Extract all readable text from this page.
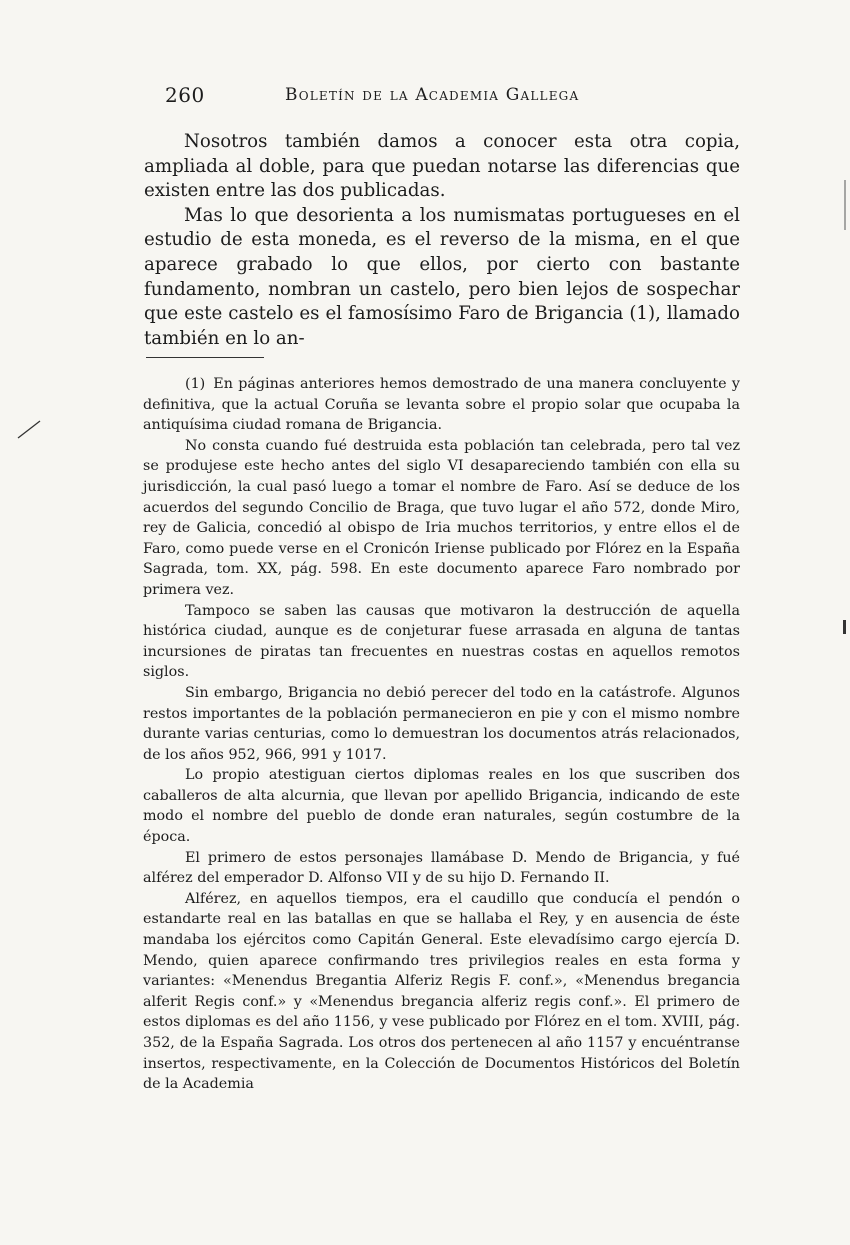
260	Boletín de la Academia Gallega

Nosotros también damos a conocer esta otra copia, ampliada al doble, para que puedan notarse las diferencias que existen entre las dos publicadas.

Mas lo que desorienta a los numismatas portugueses en el estudio de esta moneda, es el reverso de la misma, en el que aparece grabado lo que ellos, por cierto con bastante fundamento, nombran un castelo, pero bien lejos de sospechar que este castelo es el famosísimo Faro de Brigancia (1), llamado también en lo an-

(1) En páginas anteriores hemos demostrado de una manera concluyente y definitiva, que la actual Coruña se levanta sobre el propio solar que ocupaba la antiquísima ciudad romana de Brigancia.

No consta cuando fué destruida esta población tan celebrada, pero tal vez se produjese este hecho antes del siglo VI desapareciendo también con ella su jurisdicción, la cual pasó luego a tomar el nombre de Faro. Así se deduce de los acuerdos del segundo Concilio de Braga, que tuvo lugar el año 572, donde Miro, rey de Galicia, concedió al obispo de Iria muchos territorios, y entre ellos el de Faro, como puede verse en el Cronicón Iriense publicado por Flórez en la España Sagrada, tom. XX, pág. 598. En este documento aparece Faro nombrado por primera vez.

Tampoco se saben las causas que motivaron la destrucción de aquella histórica ciudad, aunque es de conjeturar fuese arrasada en alguna de tantas incursiones de piratas tan frecuentes en nuestras costas en aquellos remotos siglos.

Sin embargo, Brigancia no debió perecer del todo en la catástrofe. Algunos restos importantes de la población permanecieron en pie y con el mismo nombre durante varias centurias, como lo demuestran los documentos atrás relacionados, de los años 952, 966, 991 y 1017.

Lo propio atestiguan ciertos diplomas reales en los que suscriben dos caballeros de alta alcurnia, que llevan por apellido Brigancia, indicando de este modo el nombre del pueblo de donde eran naturales, según costumbre de la época.

El primero de estos personajes llamábase D. Mendo de Brigancia, y fué alférez del emperador D. Alfonso VII y de su hijo D. Fernando II.

Alférez, en aquellos tiempos, era el caudillo que conducía el pendón o estandarte real en las batallas en que se hallaba el Rey, y en ausencia de éste mandaba los ejércitos como Capitán General. Este elevadísimo cargo ejercía D. Mendo, quien aparece confirmando tres privilegios reales en esta forma y variantes: «Menendus Bregantia Alferiz Regis F. conf.», «Menendus bregancia alferit Regis conf.» y «Menendus bregancia alferiz regis conf.». El primero de estos diplomas es del año 1156, y vese publicado por Flórez en el tom. XVIII, pág. 352, de la España Sagrada. Los otros dos pertenecen al año 1157 y encuéntranse insertos, respectivamente, en la Colección de Documentos Históricos del Boletín de la Academia
